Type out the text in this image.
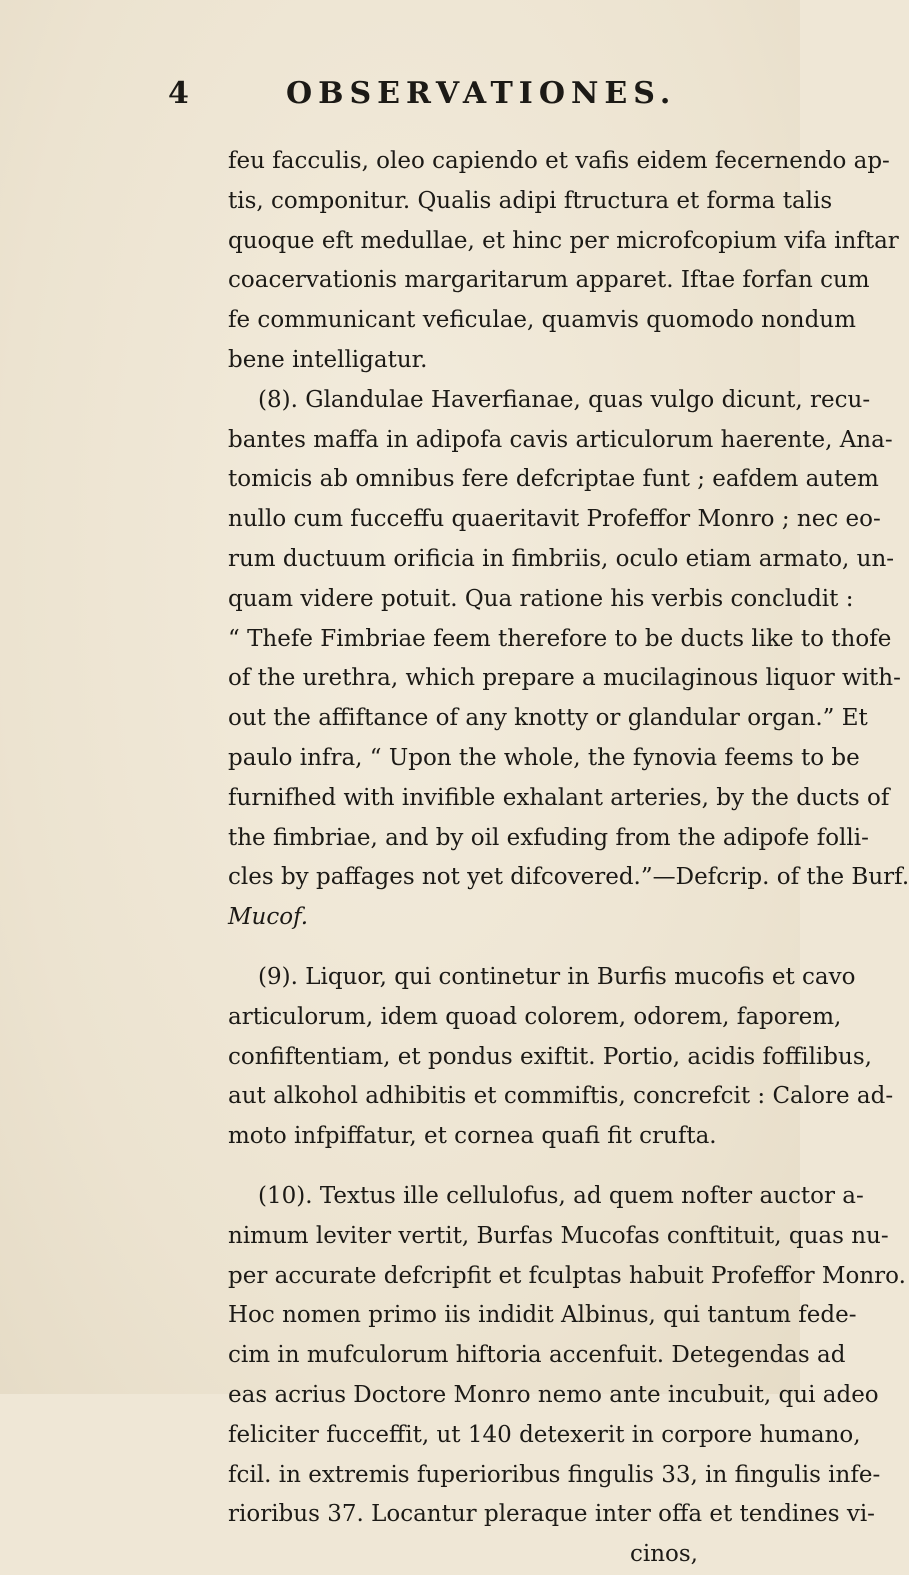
4	OBSERVATIONES.
feu facculis, oleo capiendo et vafis eidem fecernendo ap-
tis, componitur. Qualis adipi ftructura et forma talis
quoque eft medullae, et hinc per microfcopium vifa inftar
coacervationis margaritarum apparet. Iftae forfan cum
fe communicant veficulae, quamvis quomodo nondum
bene intelligatur.
(8). Glandulae Haverfianae, quas vulgo dicunt, recu-
bantes maffa in adipofa cavis articulorum haerente, Ana-
tomicis ab omnibus fere defcriptae funt ; eafdem autem
nullo cum fucceffu quaeritavit Profeffor Monro ; nec eo-
rum ductuum orificia in fimbriis, oculo etiam armato, un-
quam videre potuit. Qua ratione his verbis concludit :
“ Thefe Fimbriae feem therefore to be ducts like to thofe
of the urethra, which prepare a mucilaginous liquor with-
out the affiftance of any knotty or glandular organ.” Et
paulo infra, “ Upon the whole, the fynovia feems to be
furnifhed with invifible exhalant arteries, by the ducts of
the fimbriae, and by oil exfuding from the adipofe folli-
cles by paffages not yet difcovered.”—Defcrip. of the Burf.
Mucof.
(9). Liquor, qui continetur in Burfis mucofis et cavo
articulorum, idem quoad colorem, odorem, faporem,
confiftentiam, et pondus exiftit. Portio, acidis foffilibus,
aut alkohol adhibitis et commiftis, concrefcit : Calore ad-
moto infpiffatur, et cornea quafi fit crufta.
(10). Textus ille cellulofus, ad quem nofter auctor a-
nimum leviter vertit, Burfas Mucofas conftituit, quas nu-
per accurate defcripfit et fculptas habuit Profeffor Monro.
Hoc nomen primo iis indidit Albinus, qui tantum fede-
cim in mufculorum hiftoria accenfuit. Detegendas ad
eas acrius Doctore Monro nemo ante incubuit, qui adeo
feliciter fucceffit, ut 140 detexerit in corpore humano,
fcil. in extremis fuperioribus fingulis 33, in fingulis infe-
rioribus 37. Locantur pleraque inter offa et tendines vi-
cinos,
